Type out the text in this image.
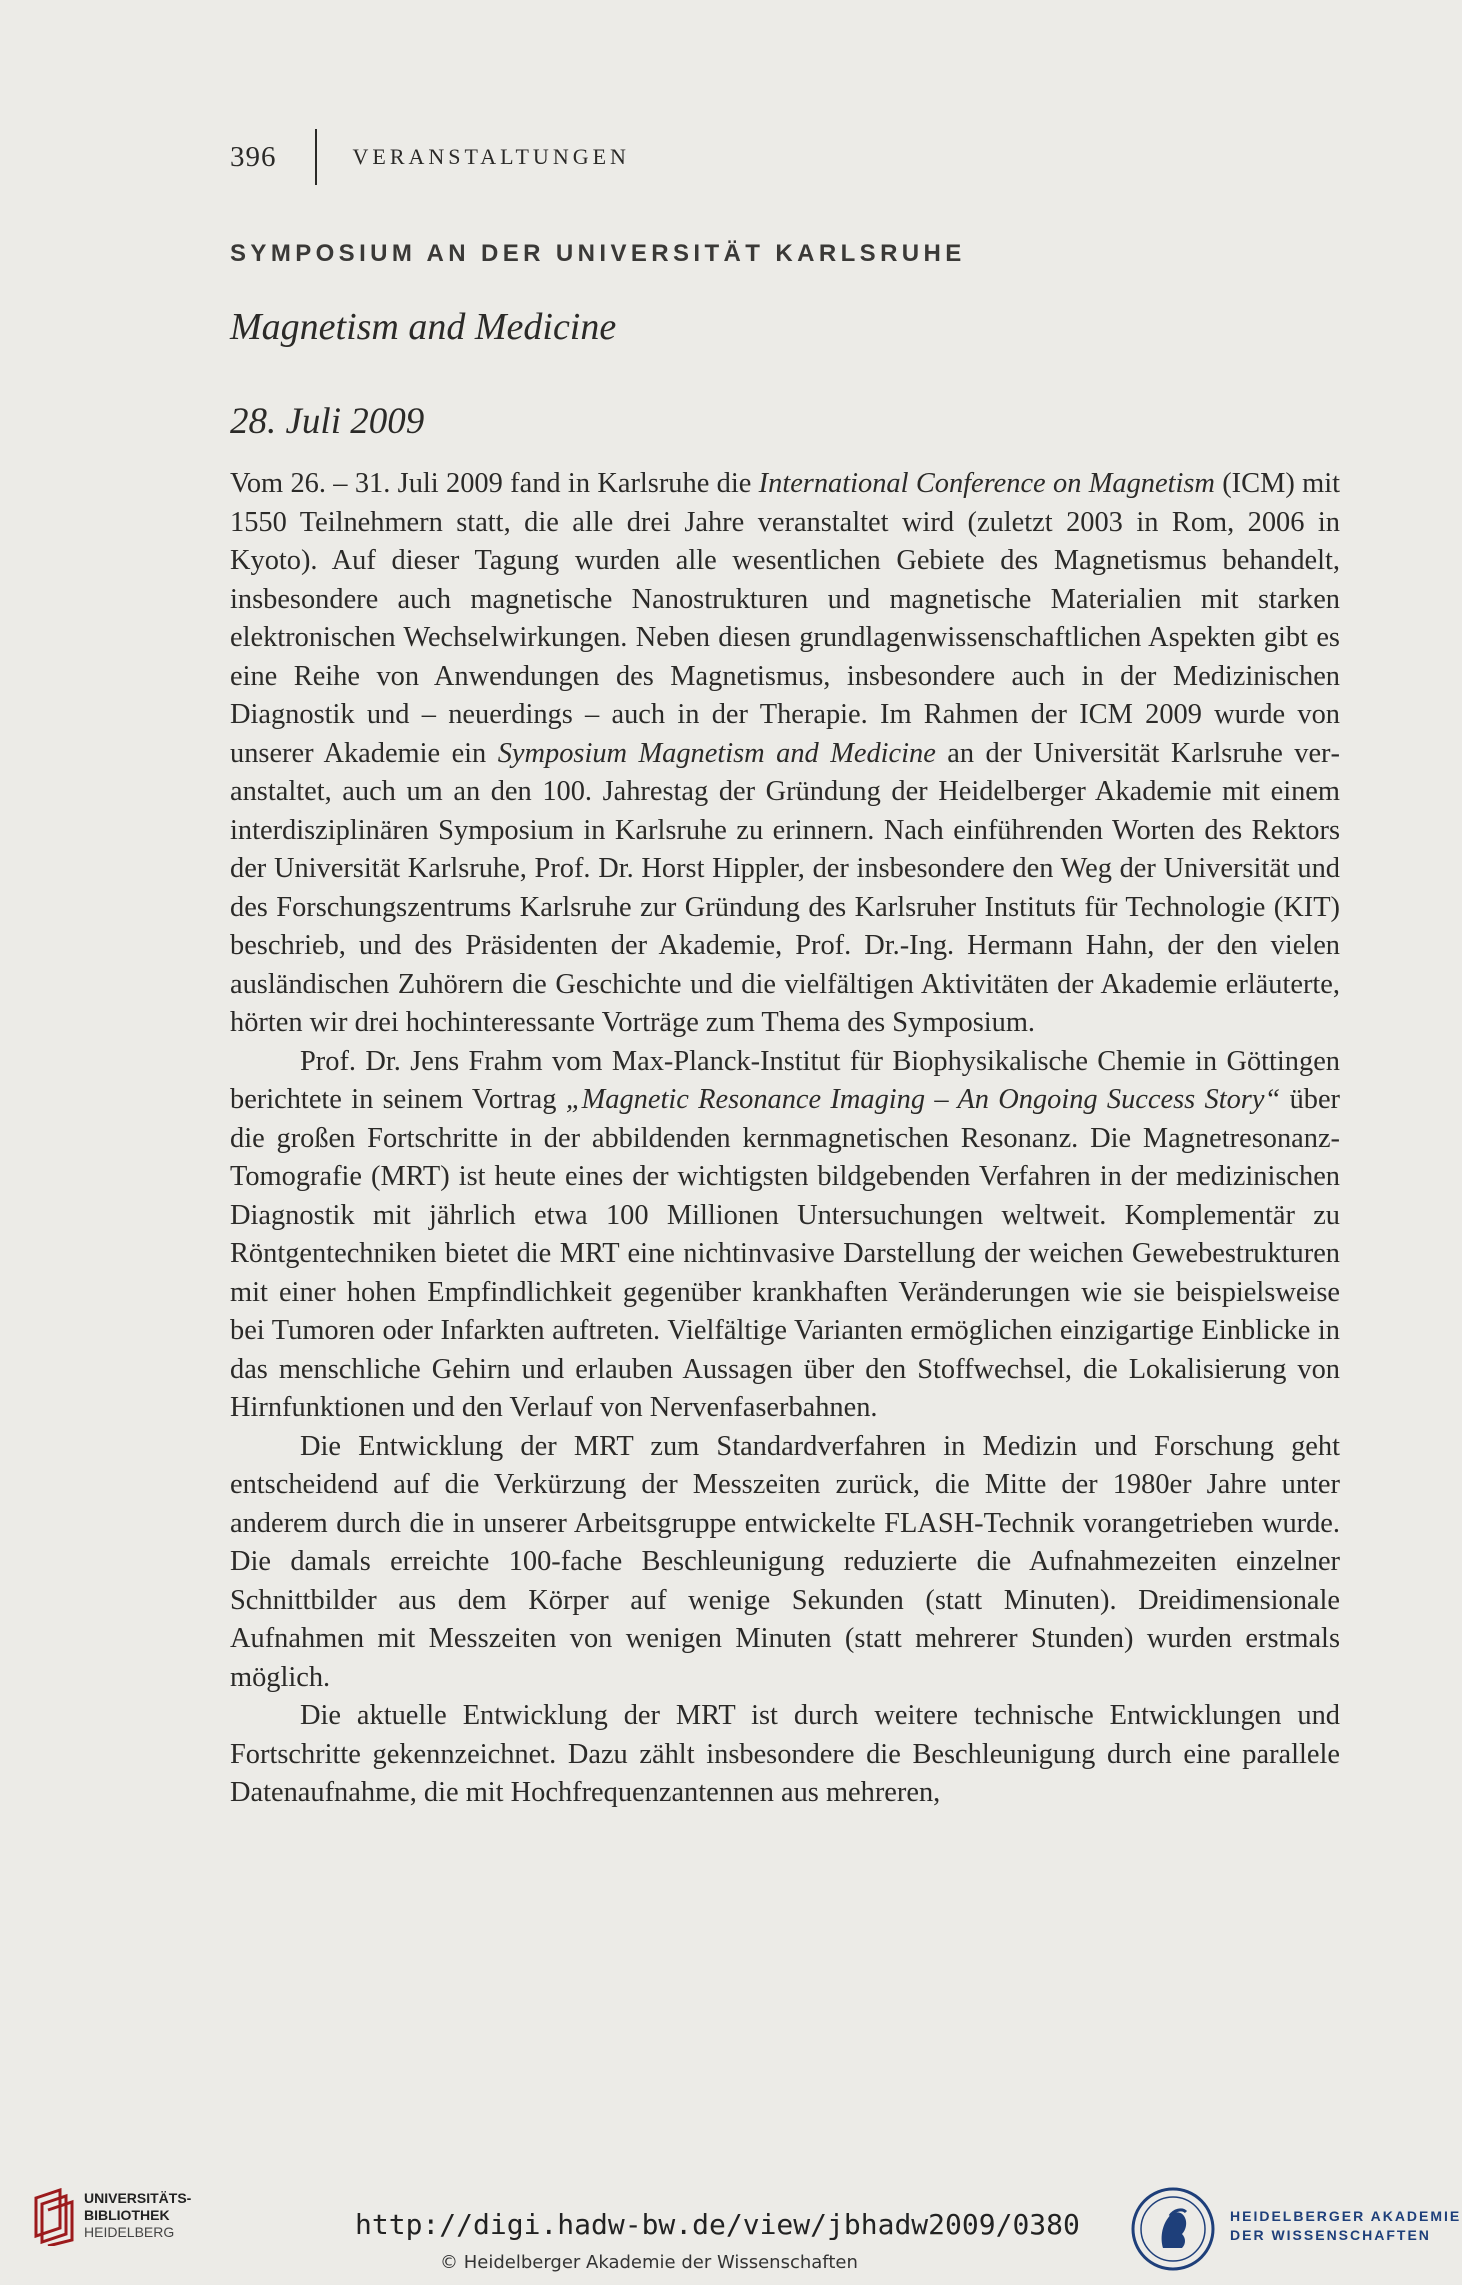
396	VERANSTALTUNGEN
SYMPOSIUM AN DER UNIVERSITÄT KARLSRUHE
Magnetism and Medicine
28. Juli 2009

Vom 26. – 31. Juli 2009 fand in Karlsruhe die International Conference on Magnetism (ICM) mit 1550 Teilnehmern statt, die alle drei Jahre veranstaltet wird (zuletzt 2003 in Rom, 2006 in Kyoto). Auf dieser Tagung wurden alle wesentlichen Gebiete des Magnetismus behandelt, insbesondere auch magnetische Nanostrukturen und magnetische Materialien mit starken elektronischen Wechselwirkungen. Neben diesen grundlagenwissenschaftlichen Aspekten gibt es eine Reihe von Anwendungen des Magnetismus, insbesondere auch in der Medizinischen Diagnostik und – neuerdings – auch in der Therapie. Im Rahmen der ICM 2009 wurde von unserer Akademie ein Symposium Magnetism and Medicine an der Universität Karlsruhe veranstaltet, auch um an den 100. Jahrestag der Gründung der Heidelberger Akademie mit einem interdisziplinären Symposium in Karlsruhe zu erinnern. Nach einführenden Worten des Rektors der Universität Karlsruhe, Prof. Dr. Horst Hippler, der insbesondere den Weg der Universität und des Forschungszentrums Karlsruhe zur Gründung des Karlsruher Instituts für Technologie (KIT) beschrieb, und des Präsidenten der Akademie, Prof. Dr.-Ing. Hermann Hahn, der den vielen ausländischen Zuhörern die Geschichte und die vielfältigen Aktivitäten der Akademie erläuterte, hörten wir drei hochinteressante Vorträge zum Thema des Symposium.

Prof. Dr. Jens Frahm vom Max-Planck-Institut für Biophysikalische Chemie in Göttingen berichtete in seinem Vortrag „Magnetic Resonance Imaging – An Ongoing Success Story“ über die großen Fortschritte in der abbildenden kernmagnetischen Resonanz. Die Magnetresonanz-Tomografie (MRT) ist heute eines der wichtigsten bildgebenden Verfahren in der medizinischen Diagnostik mit jährlich etwa 100 Millionen Untersuchungen weltweit. Komplementär zu Röntgentechniken bietet die MRT eine nichtinvasive Darstellung der weichen Gewebestrukturen mit einer hohen Empfindlichkeit gegenüber krankhaften Veränderungen wie sie beispielsweise bei Tumoren oder Infarkten auftreten. Vielfältige Varianten ermöglichen einzigartige Einblicke in das menschliche Gehirn und erlauben Aussagen über den Stoffwechsel, die Lokalisierung von Hirnfunktionen und den Verlauf von Nervenfaserbahnen.

Die Entwicklung der MRT zum Standardverfahren in Medizin und Forschung geht entscheidend auf die Verkürzung der Messzeiten zurück, die Mitte der 1980er Jahre unter anderem durch die in unserer Arbeitsgruppe entwickelte FLASH-Technik vorangetrieben wurde. Die damals erreichte 100-fache Beschleunigung reduzierte die Aufnahmezeiten einzelner Schnittbilder aus dem Körper auf wenige Sekunden (statt Minuten). Dreidimensionale Aufnahmen mit Messzeiten von wenigen Minuten (statt mehrerer Stunden) wurden erstmals möglich.

Die aktuelle Entwicklung der MRT ist durch weitere technische Entwicklungen und Fortschritte gekennzeichnet. Dazu zählt insbesondere die Beschleunigung durch eine parallele Datenaufnahme, die mit Hochfrequenzantennen aus mehreren,

UNIVERSITÄTS-
BIBLIOTHEK
HEIDELBERG	http://digi.hadw-bw.de/view/jbhadw2009/0380
© Heidelberger Akademie der Wissenschaften
HEIDELBERGER AKADEMIE
DER WISSENSCHAFTEN
